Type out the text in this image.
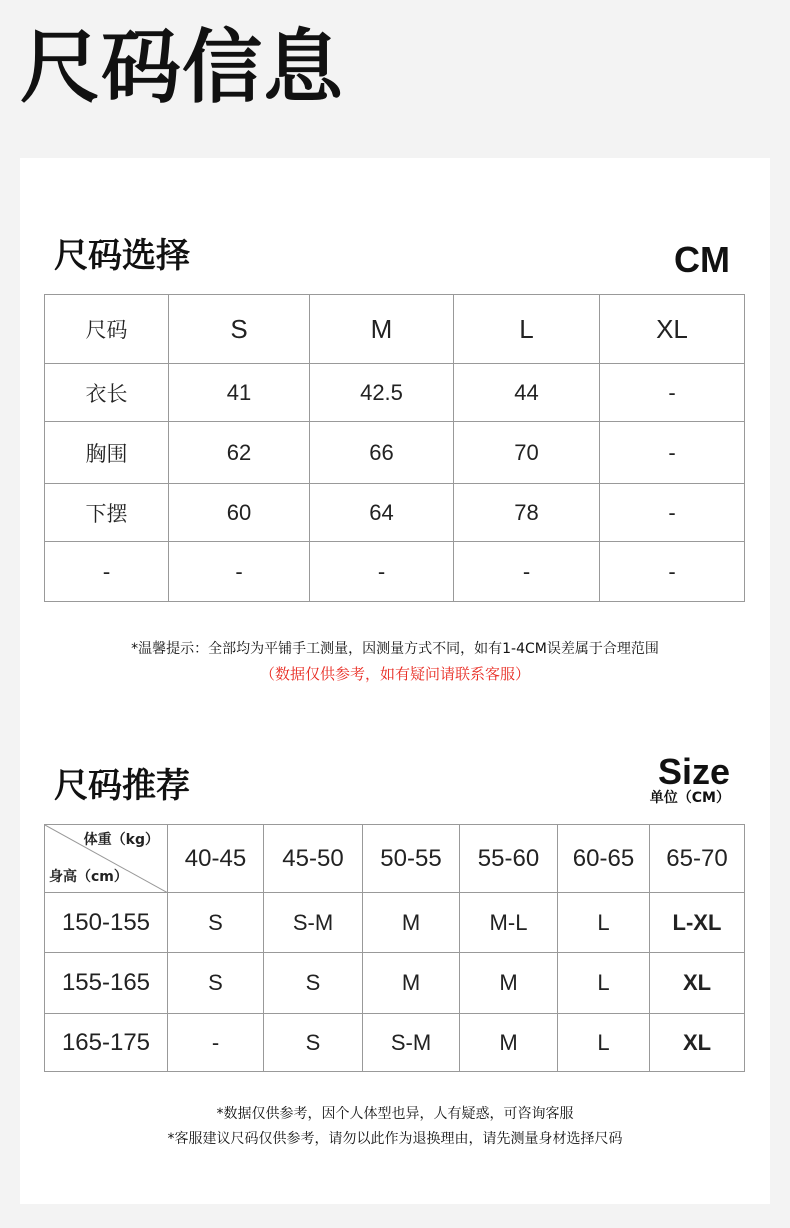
尺码信息
尺码选择	CM
尺码	S	M	L	XL
衣长	41	42.5	44	-
胸围	62	66	70	-
下摆	60	64	78	-
-	-	-	-	-

*温馨提示：全部均为平铺手工测量，因测量方式不同，如有1-4CM误差属于合理范围

（数据仅供参考，如有疑问请联系客服）

尺码推荐	Size
单位（CM）
体重（kg）
身高（cm）	40-45	45-50	50-55	55-60	60-65	65-70
150-155	S	S-M	M	M-L	L	L-XL
155-165	S	S	M	M	L	XL
165-175	-	S	S-M	M	L	XL

*数据仅供参考，因个人体型也异，人有疑惑，可咨询客服

*客服建议尺码仅供参考，请勿以此作为退换理由，请先测量身材选择尺码
